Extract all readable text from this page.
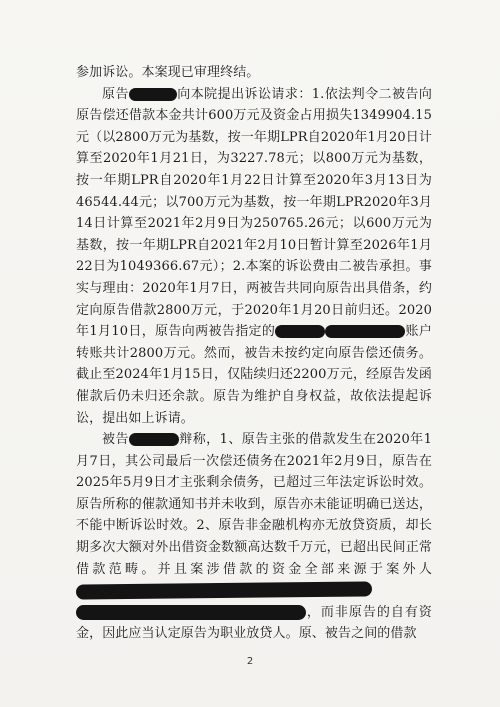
参加诉讼。本案现已审理终结。

原告	向本院提出诉讼请求：1.依法判令二被告向原告偿还借款本金共计600万元及资金占用损失1349904.15元（以2800万元为基数，按一年期LPR自2020年1月20日计算至2020年1月21日，为3227.78元；以800万元为基数，按一年期LPR自2020年1月22日计算至2020年3月13日为46544.44元；以700万元为基数，按一年期LPR2020年3月14日计算至2021年2月9日为250765.26元；以600万元为基数，按一年期LPR自2021年2月10日暂计算至2026年1月22日为1049366.67元）；2.本案的诉讼费由二被告承担。事实与理由：2020年1月7日，两被告共同向原告出具借条，约定向原告借款2800万元，于2020年1月20日前归还。2020年1月10日，原告向两被告指定的	账户转账共计2800万元。然而，被告未按约定向原告偿还债务。截止至2024年1月15日，仅陆续归还2200万元，经原告发函催款后仍未归还余款。原告为维护自身权益，故依法提起诉讼，提出如上诉请。

被告	辩称，1、原告主张的借款发生在2020年1月7日，其公司最后一次偿还债务在2021年2月9日，原告在2025年5月9日才主张剩余债务，已超过三年法定诉讼时效。原告所称的催款通知书并未收到，原告亦未能证明确已送达，不能中断诉讼时效。2、原告非金融机构亦无放贷资质，却长期多次大额对外出借资金数额高达数千万元，已超出民间正常借款范畴。并且案涉借款的资金全部来源于案外人，而非原告的自有资金，因此应当认定原告为职业放贷人。原、被告之间的借款

2
